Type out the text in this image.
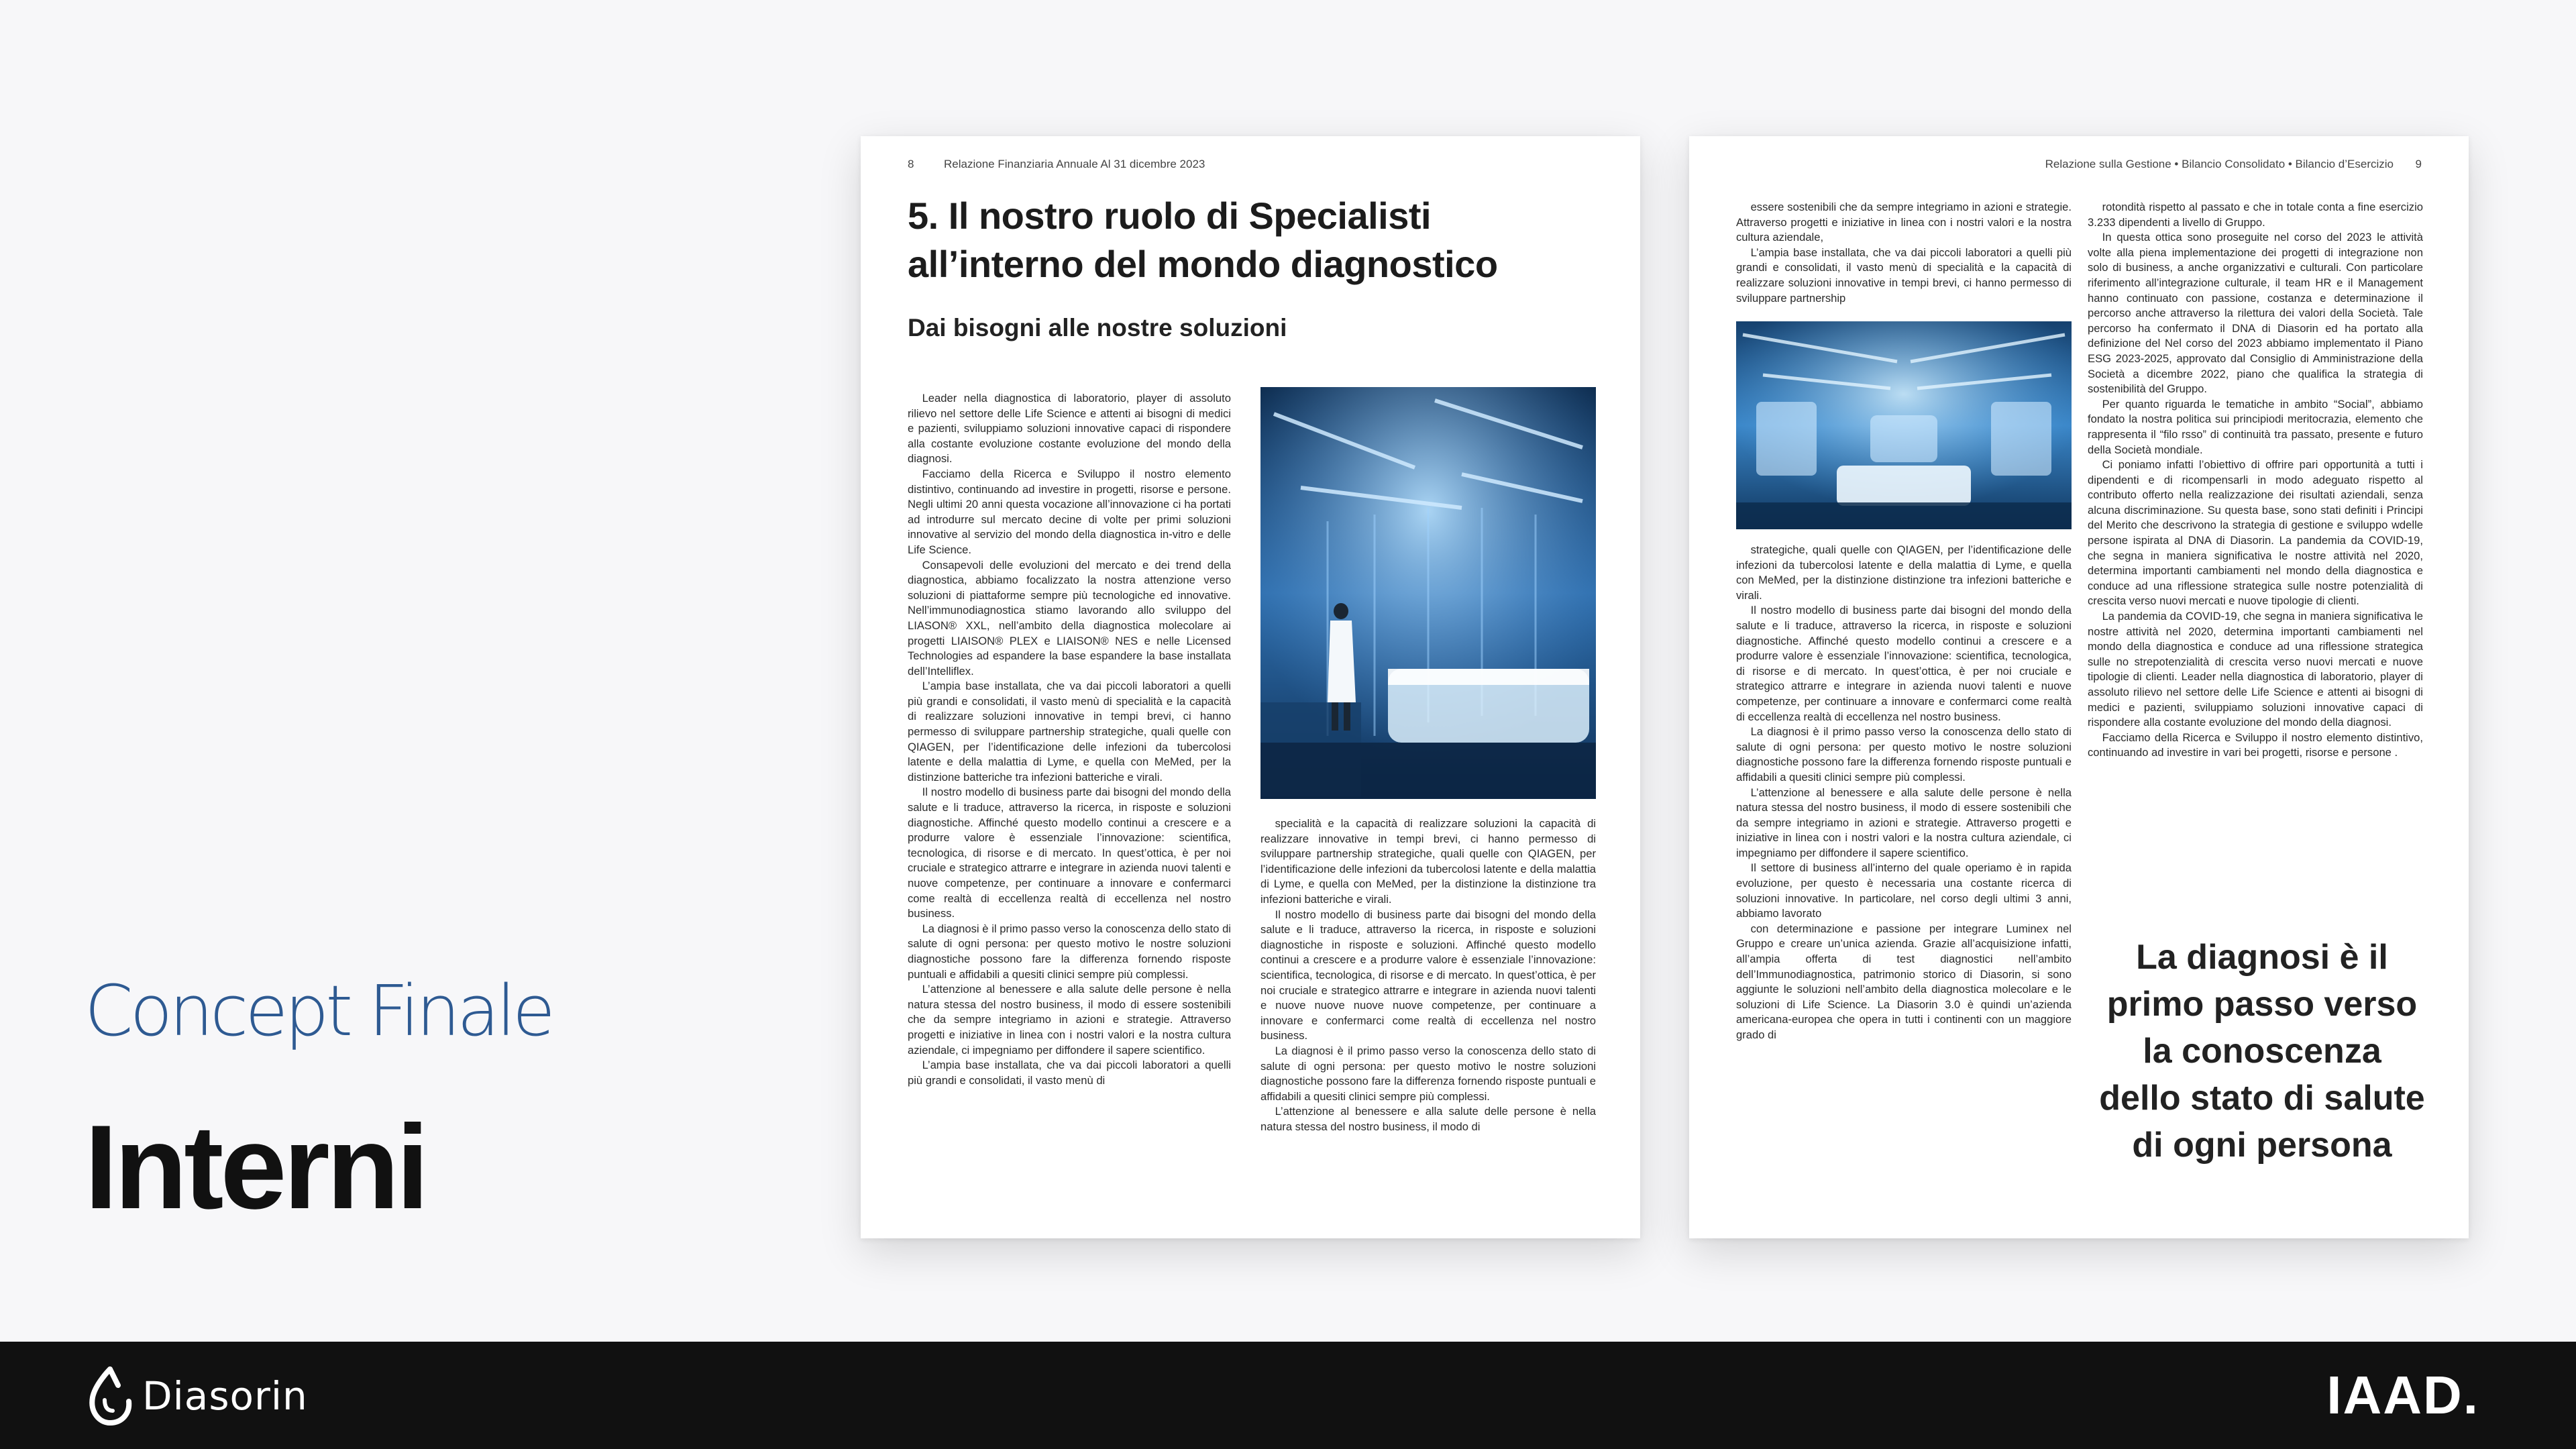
Concept Finale
Interni
8	Relazione Finanziaria Annuale Al 31 dicembre 2023
5. Il nostro ruolo di Specialisti
all’interno del mondo diagnostico
Dai bisogni alle nostre soluzioni

Leader nella diagnostica di laboratorio, player di assoluto rilievo nel settore delle Life Science e attenti ai bisogni di medici e pazienti, sviluppiamo soluzioni innovative capaci di rispondere alla costante evoluzione costante evoluzione del mondo della diagnosi.

Facciamo della Ricerca e Sviluppo il nostro elemento distintivo, continuando ad investire in progetti, risorse e persone. Negli ultimi 20 anni questa vocazione all’innovazione ci ha portati ad introdurre sul mercato decine di volte per primi soluzioni innovative al servizio del mondo della diagnostica in-vitro e delle Life Science.

Consapevoli delle evoluzioni del mercato e dei trend della diagnostica, abbiamo focalizzato la nostra attenzione verso soluzioni di piattaforme sempre più tecnologiche ed innovative. Nell’immunodiagnostica stiamo lavorando allo sviluppo del LIASON® XXL, nell’ambito della diagnostica molecolare ai progetti LIAISON® PLEX e LIAISON® NES e nelle Licensed Technologies ad espandere la base espandere la base installata dell’Intelliflex.

L’ampia base installata, che va dai piccoli laboratori a quelli più grandi e consolidati, il vasto menù di specialità e la capacità di realizzare soluzioni innovative in tempi brevi, ci hanno permesso di sviluppare partnership strategiche, quali quelle con QIAGEN, per l’identificazione delle infezioni da tubercolosi latente e della malattia di Lyme, e quella con MeMed, per la distinzione batteriche tra infezioni batteriche e virali.

Il nostro modello di business parte dai bisogni del mondo della salute e li traduce, attraverso la ricerca, in risposte e soluzioni diagnostiche. Affinché questo modello continui a crescere e a produrre valore è essenziale l’innovazione: scientifica, tecnologica, di risorse e di mercato. In quest’ottica, è per noi cruciale e strategico attrarre e integrare in azienda nuovi talenti e nuove competenze, per continuare a innovare e confermarci come realtà di eccellenza realtà di eccellenza nel nostro business.

La diagnosi è il primo passo verso la conoscenza dello stato di salute di ogni persona: per questo motivo le nostre soluzioni diagnostiche possono fare la differenza fornendo risposte puntuali e affidabili a quesiti clinici sempre più complessi.

L’attenzione al benessere e alla salute delle persone è nella natura stessa del nostro business, il modo di essere sostenibili che da sempre integriamo in azioni e strategie. Attraverso progetti e iniziative in linea con i nostri valori e la nostra cultura aziendale, ci impegniamo per diffondere il sapere scientifico.

L’ampia base installata, che va dai piccoli laboratori a quelli più grandi e consolidati, il vasto menù di

specialità e la capacità di realizzare soluzioni la capacità di realizzare innovative in tempi brevi, ci hanno permesso di sviluppare partnership strategiche, quali quelle con QIAGEN, per l’identificazione delle infezioni da tubercolosi latente e della malattia di Lyme, e quella con MeMed, per la distinzione la distinzione tra infezioni batteriche e virali.

Il nostro modello di business parte dai bisogni del mondo della salute e li traduce, attraverso la ricerca, in risposte e soluzioni diagnostiche in risposte e soluzioni. Affinché questo modello continui a crescere e a produrre valore è essenziale l’innovazione: scientifica, tecnologica, di risorse e di mercato. In quest’ottica, è per noi cruciale e strategico attrarre e integrare in azienda nuovi talenti e nuove nuove nuove nuove competenze, per continuare a innovare e confermarci come realtà di eccellenza nel nostro business.

La diagnosi è il primo passo verso la conoscenza dello stato di salute di ogni persona: per questo motivo le nostre soluzioni diagnostiche possono fare la differenza fornendo risposte puntuali e affidabili a quesiti clinici sempre più complessi.

L’attenzione al benessere e alla salute delle persone è nella natura stessa del nostro business, il modo di

Relazione sulla Gestione • Bilancio Consolidato • Bilancio d’Esercizio 9

essere sostenibili che da sempre integriamo in azioni e strategie. Attraverso progetti e iniziative in linea con i nostri valori e la nostra cultura aziendale,

L’ampia base installata, che va dai piccoli laboratori a quelli più grandi e consolidati, il vasto menù di specialità e la capacità di realizzare soluzioni innovative in tempi brevi, ci hanno permesso di sviluppare partnership

strategiche, quali quelle con QIAGEN, per l’identificazione delle infezioni da tubercolosi latente e della malattia di Lyme, e quella con MeMed, per la distinzione distinzione tra infezioni batteriche e virali.

Il nostro modello di business parte dai bisogni del mondo della salute e li traduce, attraverso la ricerca, in risposte e soluzioni diagnostiche. Affinché questo modello continui a crescere e a produrre valore è essenziale l’innovazione: scientifica, tecnologica, di risorse e di mercato. In quest’ottica, è per noi cruciale e strategico attrarre e integrare in azienda nuovi talenti e nuove competenze, per continuare a innovare e confermarci come realtà di eccellenza realtà di eccellenza nel nostro business.

La diagnosi è il primo passo verso la conoscenza dello stato di salute di ogni persona: per questo motivo le nostre soluzioni diagnostiche possono fare la differenza fornendo risposte puntuali e affidabili a quesiti clinici sempre più complessi.

L’attenzione al benessere e alla salute delle persone è nella natura stessa del nostro business, il modo di essere sostenibili che da sempre integriamo in azioni e strategie. Attraverso progetti e iniziative in linea con i nostri valori e la nostra cultura aziendale, ci impegniamo per diffondere il sapere scientifico.

Il settore di business all’interno del quale operiamo è in rapida evoluzione, per questo è necessaria una costante ricerca di soluzioni innovative. In particolare, nel corso degli ultimi 3 anni, abbiamo lavorato

con determinazione e passione per integrare Luminex nel Gruppo e creare un’unica azienda. Grazie all’acquisizione infatti, all’ampia offerta di test diagnostici nell’ambito dell’Immunodiagnostica, patrimonio storico di Diasorin, si sono aggiunte le soluzioni nell’ambito della diagnostica molecolare e le soluzioni di Life Science. La Diasorin 3.0 è quindi un’azienda americana-europea che opera in tutti i continenti con un maggiore grado di

rotondità rispetto al passato e che in totale conta a fine esercizio 3.233 dipendenti a livello di Gruppo.

In questa ottica sono proseguite nel corso del 2023 le attività volte alla piena implementazione dei progetti di integrazione non solo di business, a anche organizzativi e culturali. Con particolare riferimento all’integrazione culturale, il team HR e il Management hanno continuato con passione, costanza e determinazione il percorso anche attraverso la rilettura dei valori della Società. Tale percorso ha confermato il DNA di Diasorin ed ha portato alla definizione del Nel corso del 2023 abbiamo implementato il Piano ESG 2023-2025, approvato dal Consiglio di Amministrazione della Società a dicembre 2022, piano che qualifica la strategia di sostenibilità del Gruppo.

Per quanto riguarda le tematiche in ambito “Social”, abbiamo fondato la nostra politica sui principiodi meritocrazia, elemento che rappresenta il “filo rsso” di continuità tra passato, presente e futuro della Società mondiale.

Ci poniamo infatti l’obiettivo di offrire pari opportunità a tutti i dipendenti e di ricompensarli in modo adeguato rispetto al contributo offerto nella realizzazione dei risultati aziendali, senza alcuna discriminazione. Su questa base, sono stati definiti i Principi del Merito che descrivono la strategia di gestione e sviluppo wdelle persone ispirata al DNA di Diasorin. La pandemia da COVID-19, che segna in maniera significativa le nostre attività nel 2020, determina importanti cambiamenti nel mondo della diagnostica e conduce ad una riflessione strategica sulle nostre potenzialità di crescita verso nuovi mercati e nuove tipologie di clienti.

La pandemia da COVID-19, che segna in maniera significativa le nostre attività nel 2020, determina importanti cambiamenti nel mondo della diagnostica e conduce ad una riflessione strategica sulle no strepotenzialità di crescita verso nuovi mercati e nuove tipologie di clienti. Leader nella diagnostica di laboratorio, player di assoluto rilievo nel settore delle Life Science e attenti ai bisogni di medici e pazienti, sviluppiamo soluzioni innovative capaci di rispondere alla costante evoluzione del mondo della diagnosi.

Facciamo della Ricerca e Sviluppo il nostro elemento distintivo, continuando ad investire in vari bei progetti, risorse e persone .

La diagnosi è il
primo passo verso
la conoscenza
dello stato di salute
di ogni persona
Diasorin	IAAD.
